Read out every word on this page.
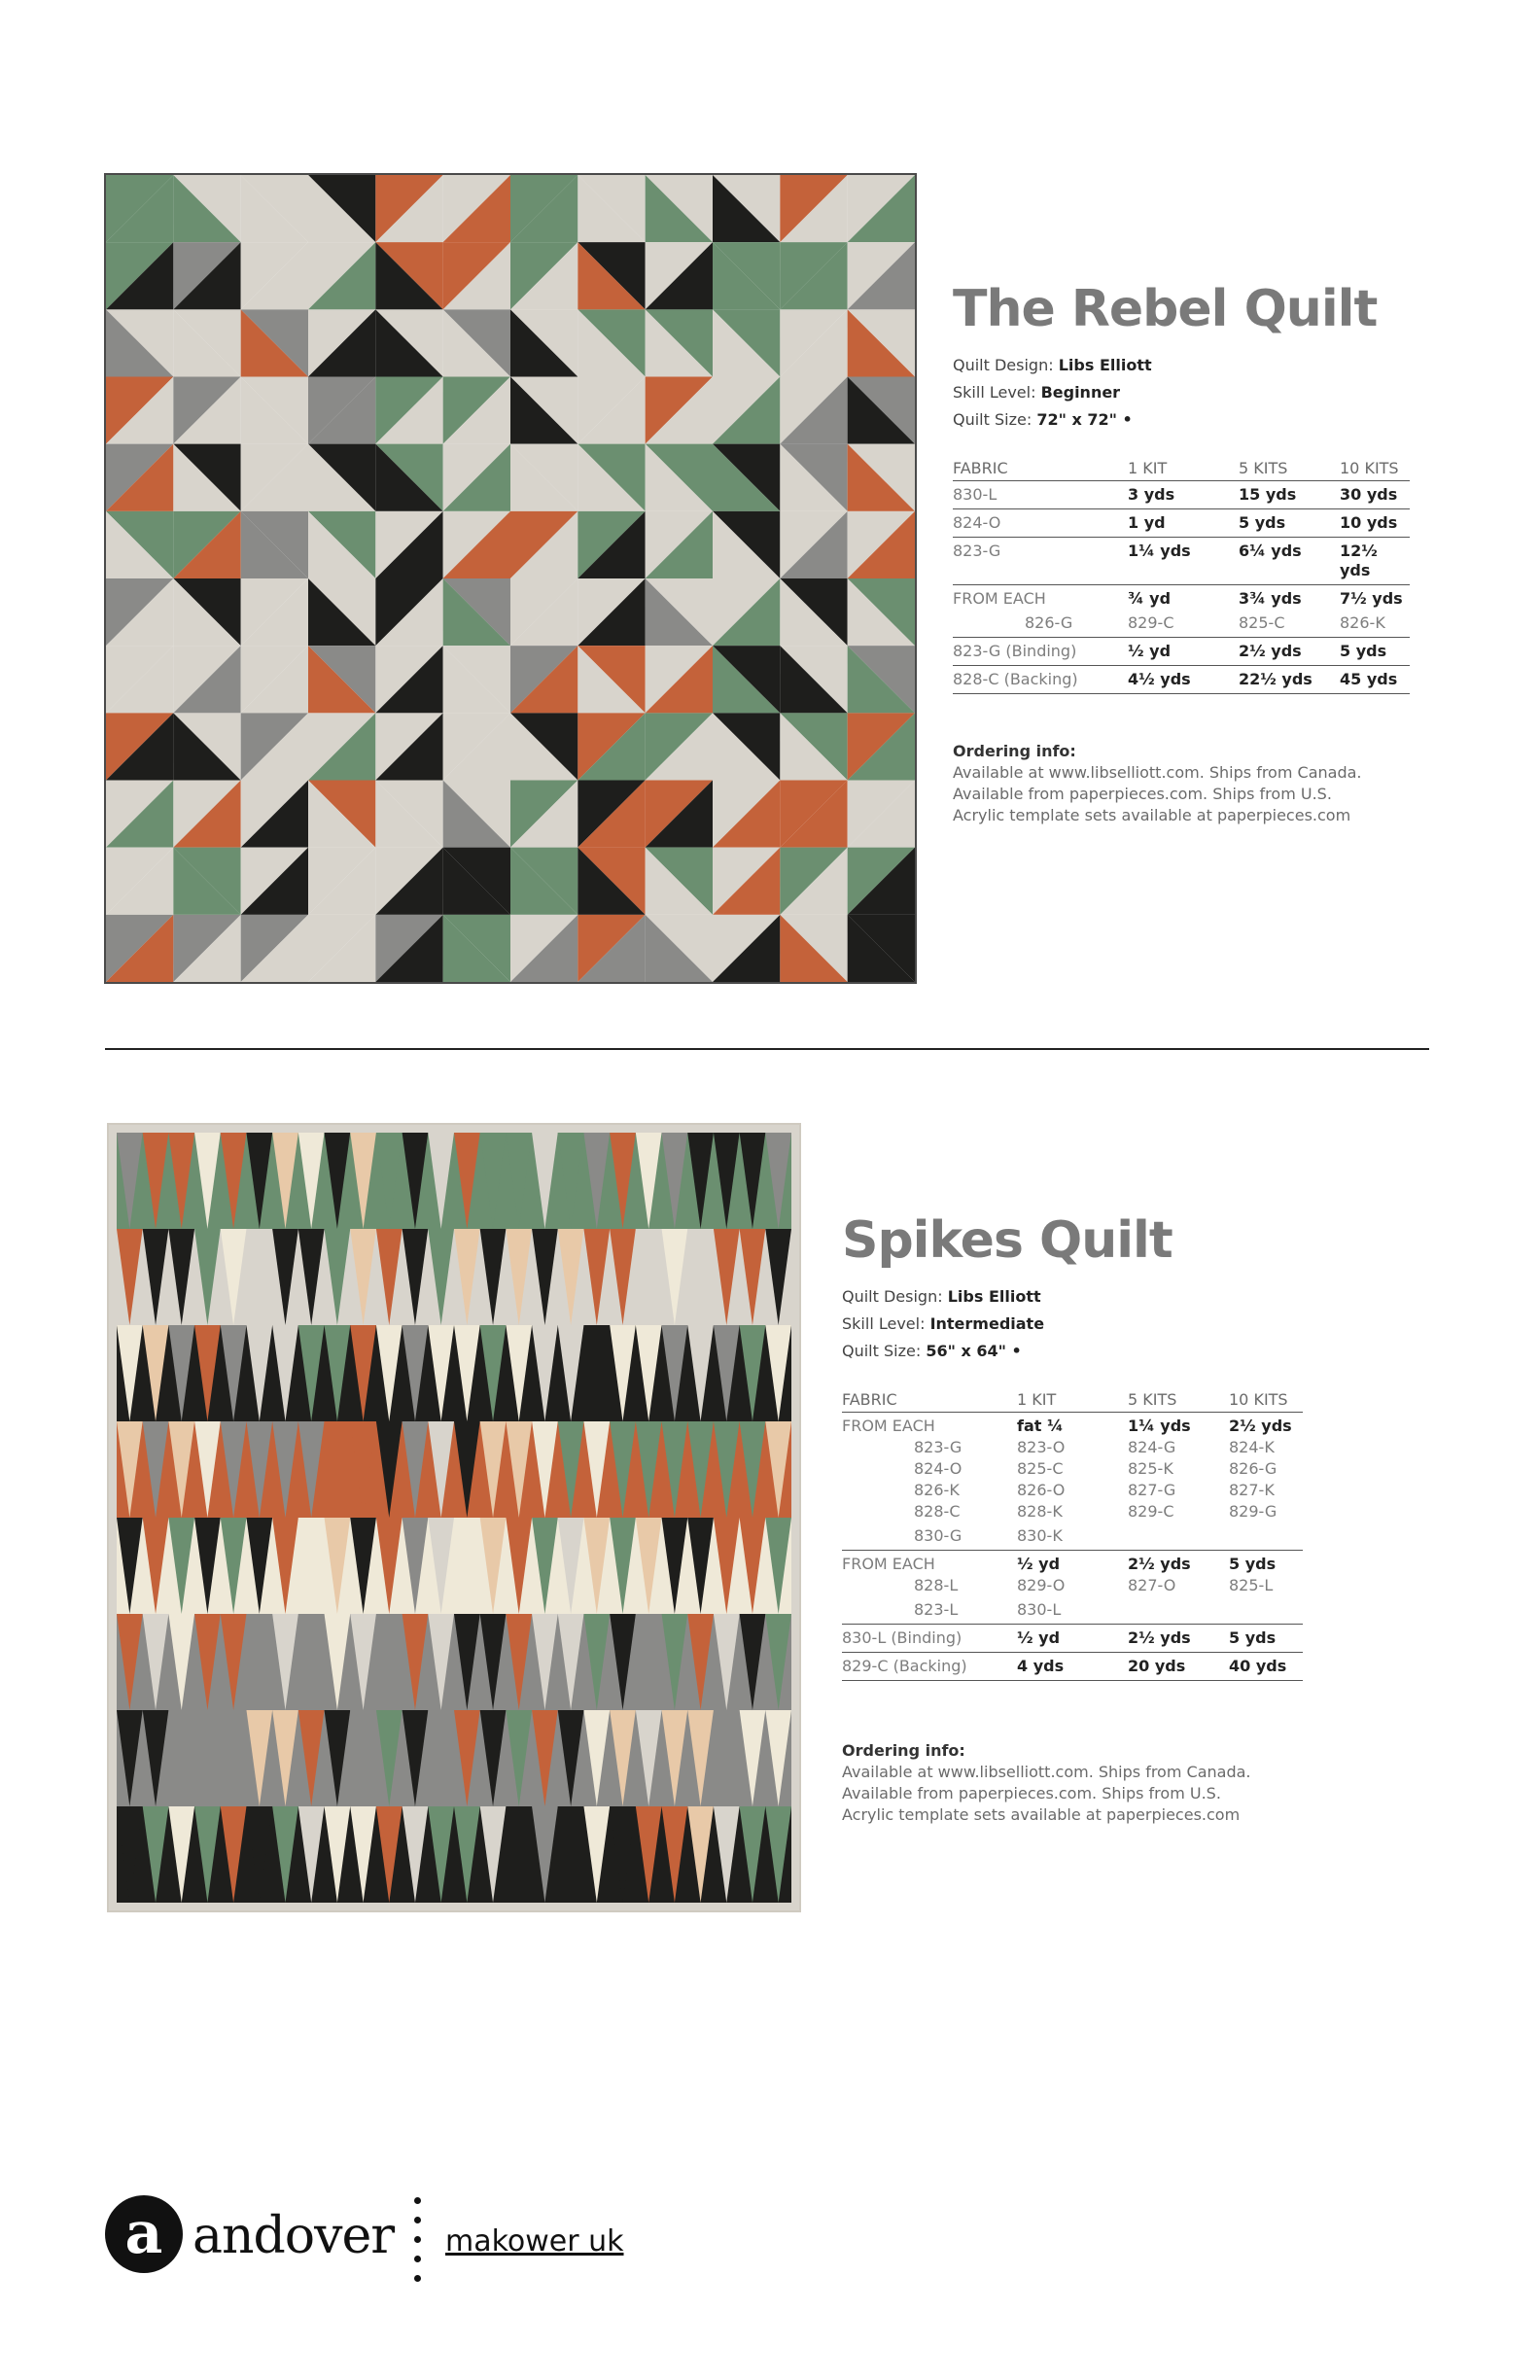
The Rebel Quilt
Quilt Design: Libs Elliott
Skill Level: Beginner
Quilt Size: 72" x 72" •
FABRIC	1 KIT	5 KITS	10 KITS
830-L	3 yds	15 yds	30 yds
824-O	1 yd	5 yds	10 yds
823-G	1¼ yds	6¼ yds	12½ yds
FROM EACH	¾ yd	3¾ yds	7½ yds
826-G	829-C	825-C	826-K
823-G (Binding)	½ yd	2½ yds	5 yds
828-C (Backing)	4½ yds	22½ yds	45 yds
Ordering info:
Available at www.libselliott.com. Ships from Canada.
Available from paperpieces.com. Ships from U.S.
Acrylic template sets available at paperpieces.com
Spikes Quilt
Quilt Design: Libs Elliott
Skill Level: Intermediate
Quilt Size: 56" x 64" •
FABRIC	1 KIT	5 KITS	10 KITS
FROM EACH	fat ¼	1¼ yds	2½ yds
823-G	823-O	824-G	824-K
824-O	825-C	825-K	826-G
826-K	826-O	827-G	827-K
828-C	828-K	829-C	829-G
830-G	830-K		
FROM EACH	½ yd	2½ yds	5 yds
828-L	829-O	827-O	825-L
823-L	830-L		
830-L (Binding)	½ yd	2½ yds	5 yds
829-C (Backing)	4 yds	20 yds	40 yds
Ordering info:
Available at www.libselliott.com. Ships from Canada.
Available from paperpieces.com. Ships from U.S.
Acrylic template sets available at paperpieces.com
a andover makower uk
